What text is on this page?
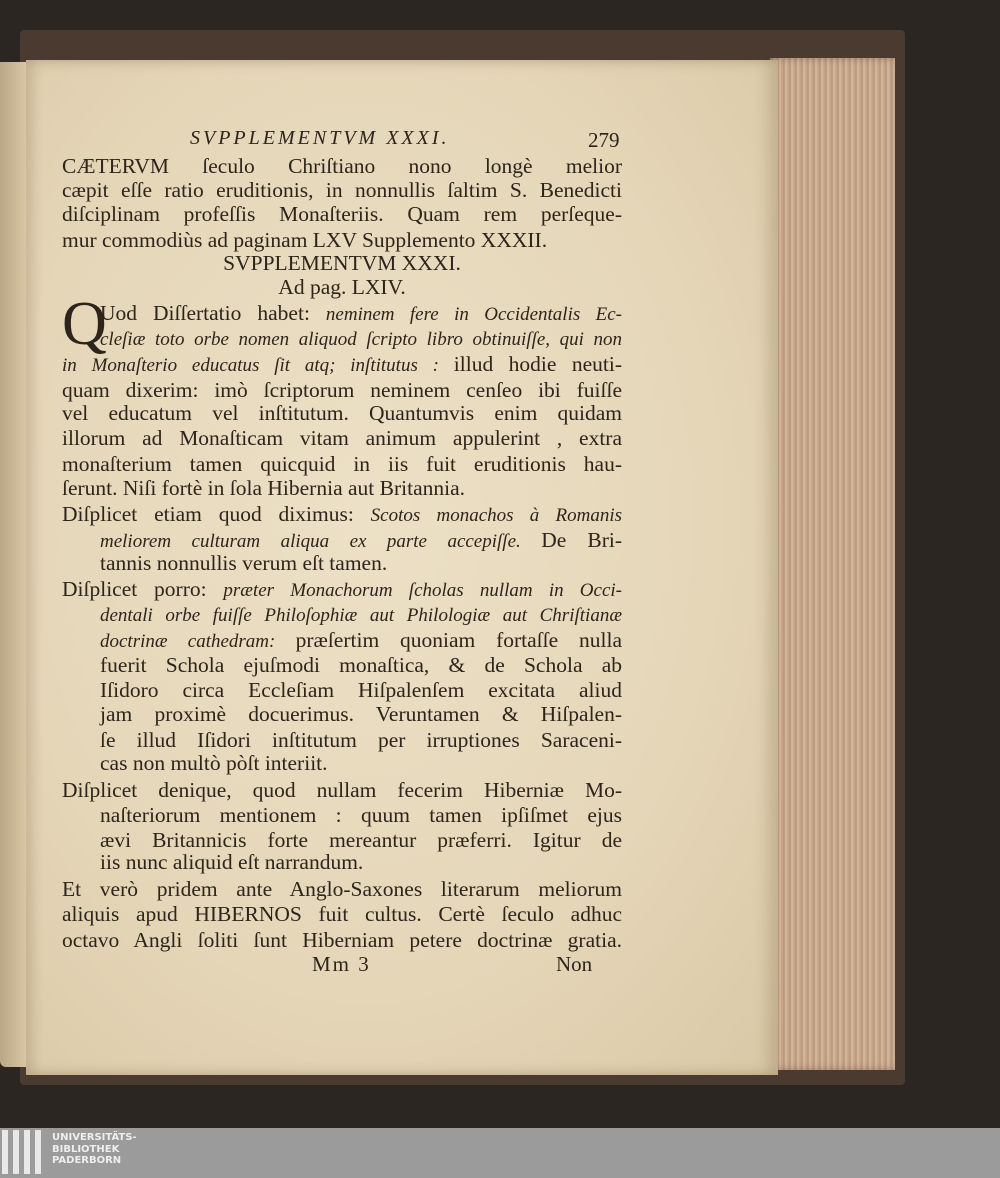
SVPPLEMENTVM XXXI.	279
Q
CÆTERVM ſeculo Chriſtiano nono longè melior
cæpit eſſe ratio eruditionis, in nonnullis ſaltim S. Benedicti
diſciplinam profeſſis Monaſteriis. Quam rem perſeque-
mur commodiùs ad paginam LXV Supplemento XXXII.
SVPPLEMENTVM XXXI.
Ad pag. LXIV.
Uod Diſſertatio habet: neminem fere in Occidentalis Ec-
cleſiæ toto orbe nomen aliquod ſcripto libro obtinuiſſe, qui non
in Monaſterio educatus ſit atq; inſtitutus : illud hodie neuti-
quam dixerim: imò ſcriptorum neminem cenſeo ibi fuiſſe
vel educatum vel inſtitutum. Quantumvis enim quidam
illorum ad Monaſticam vitam animum appulerint , extra
monaſterium tamen quicquid in iis fuit eruditionis hau-
ſerunt. Niſi fortè in ſola Hibernia aut Britannia.
Diſplicet etiam quod diximus: Scotos monachos à Romanis
meliorem culturam aliqua ex parte accepiſſe. De Bri-
tannis nonnullis verum eſt tamen.
Diſplicet porro: præter Monachorum ſcholas nullam in Occi-
dentali orbe fuiſſe Philoſophiæ aut Philologiæ aut Chriſtianæ
doctrinæ cathedram: præſertim quoniam fortaſſe nulla
fuerit Schola ejuſmodi monaſtica, & de Schola ab
Iſidoro circa Eccleſiam Hiſpalenſem excitata aliud
jam proximè docuerimus. Veruntamen & Hiſpalen-
ſe illud Iſidori inſtitutum per irruptiones Saracenі-
cas non multò pòſt interiit.
Diſplicet denique, quod nullam fecerim Hiberniæ Mo-
naſteriorum mentionem : quum tamen ipſiſmet ejus
ævi Britannicis forte mereantur præferri. Igitur de
iis nunc aliquid eſt narrandum.
Et verò pridem ante Anglo-Saxones literarum meliorum
aliquis apud HIBERNOS fuit cultus. Certè ſeculo adhuc
octavo Angli ſoliti ſunt Hiberniam petere doctrinæ gratia.
Mm 3	Non
UNIVERSITÄTS-
BIBLIOTHEK
PADERBORN
